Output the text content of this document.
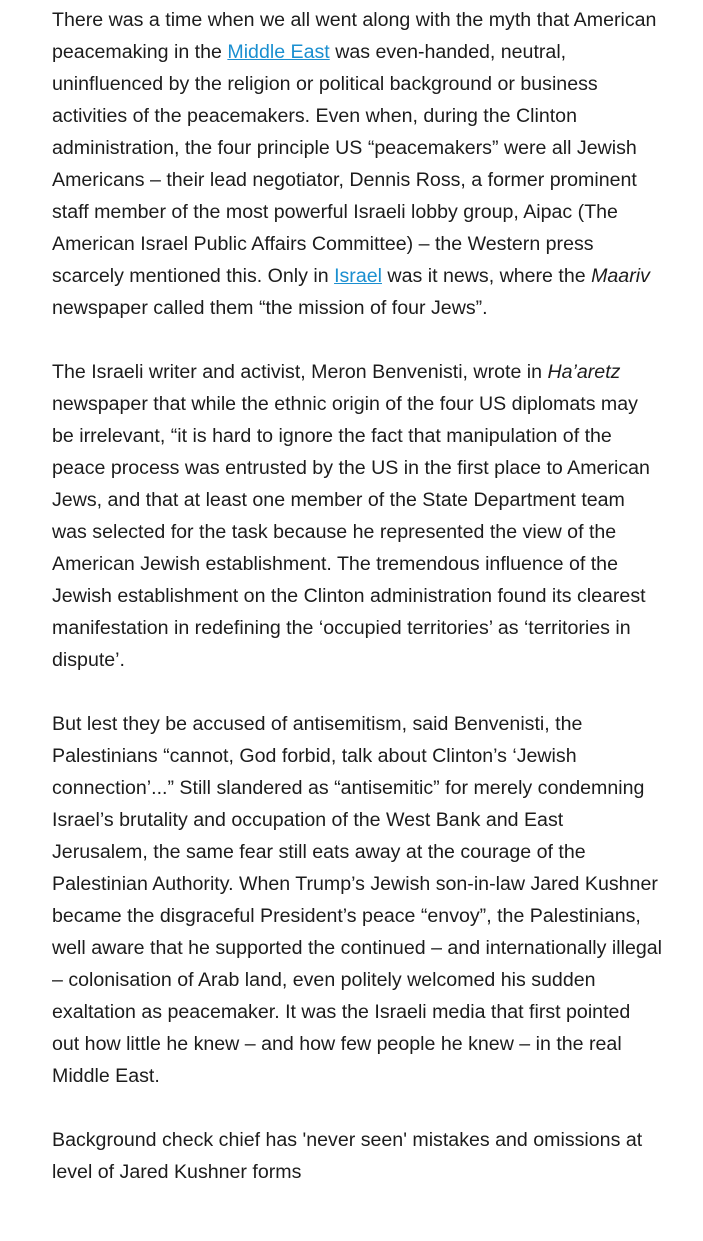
There was a time when we all went along with the myth that American peacemaking in the Middle East was even-handed, neutral, uninfluenced by the religion or political background or business activities of the peacemakers. Even when, during the Clinton administration, the four principle US “peacemakers” were all Jewish Americans – their lead negotiator, Dennis Ross, a former prominent staff member of the most powerful Israeli lobby group, Aipac (The American Israel Public Affairs Committee) – the Western press scarcely mentioned this. Only in Israel was it news, where the Maariv newspaper called them “the mission of four Jews”.

The Israeli writer and activist, Meron Benvenisti, wrote in Ha’aretz newspaper that while the ethnic origin of the four US diplomats may be irrelevant, “it is hard to ignore the fact that manipulation of the peace process was entrusted by the US in the first place to American Jews, and that at least one member of the State Department team was selected for the task because he represented the view of the American Jewish establishment. The tremendous influence of the Jewish establishment on the Clinton administration found its clearest manifestation in redefining the ‘occupied territories’ as ‘territories in dispute’.

But lest they be accused of antisemitism, said Benvenisti, the Palestinians “cannot, God forbid, talk about Clinton’s ‘Jewish connection’...” Still slandered as “antisemitic” for merely condemning Israel’s brutality and occupation of the West Bank and East Jerusalem, the same fear still eats away at the courage of the Palestinian Authority. When Trump’s Jewish son-in-law Jared Kushner became the disgraceful President’s peace “envoy”, the Palestinians, well aware that he supported the continued – and internationally illegal – colonisation of Arab land, even politely welcomed his sudden exaltation as peacemaker. It was the Israeli media that first pointed out how little he knew – and how few people he knew – in the real Middle East.

Background check chief has 'never seen' mistakes and omissions at level of Jared Kushner forms
